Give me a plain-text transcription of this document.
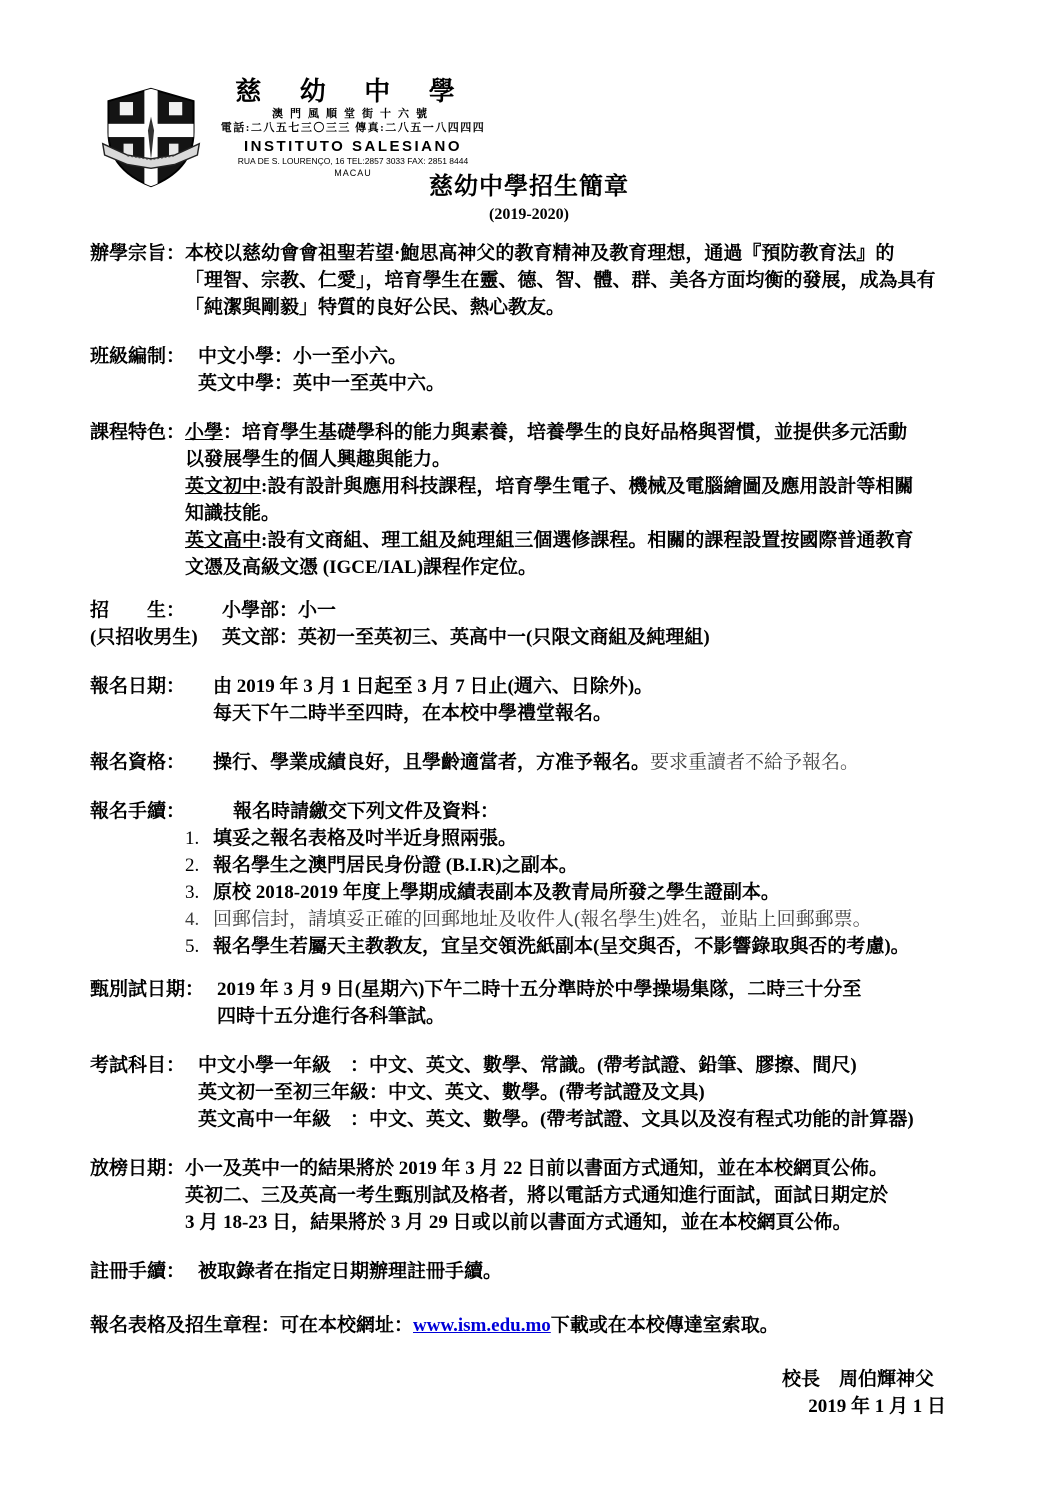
慈 幼 中 學
澳門風順堂街十六號
電話:二八五七三〇三三 傳真:二八五一八四四四
INSTITUTO SALESIANO
RUA DE S. LOURENÇO, 16 TEL:2857 3033 FAX: 2851 8444
MACAU
慈幼中學招生簡章
(2019-2020)
辦學宗旨： 本校以慈幼會會祖聖若望·鮑思高神父的教育精神及教育理想，通過『預防教育法』的
「理智、宗教、仁愛」，培育學生在靈、德、智、體、群、美各方面均衡的發展，成為具有
「純潔與剛毅」特質的良好公民、熱心教友。
班級編制： 中文小學：小一至小六。
英文中學：英中一至英中六。
課程特色： 小學：培育學生基礎學科的能力與素養，培養學生的良好品格與習慣，並提供多元活動
以發展學生的個人興趣與能力。
英文初中:設有設計與應用科技課程，培育學生電子、機械及電腦繪圖及應用設計等相關
知識技能。
英文高中:設有文商組、理工組及純理組三個選修課程。相關的課程設置按國際普通教育
文憑及高級文憑 (IGCE/IAL)課程作定位。
招　　生：	小學部：小一
(只招收男生)	英文部：英初一至英初三、英高中一(只限文商組及純理組)
報名日期： 由 2019 年 3 月 1 日起至 3 月 7 日止(週六、日除外)。
每天下午二時半至四時，在本校中學禮堂報名。
報名資格： 操行、學業成績良好，且學齡適當者，方准予報名。要求重讀者不給予報名。
報名手續：	報名時請繳交下列文件及資料：
1. 填妥之報名表格及吋半近身照兩張。
2. 報名學生之澳門居民身份證 (B.I.R)之副本。
3. 原校 2018-2019 年度上學期成績表副本及教青局所發之學生證副本。
4. 回郵信封，請填妥正確的回郵地址及收件人(報名學生)姓名，並貼上回郵郵票。
5. 報名學生若屬天主教教友，宜呈交領洗紙副本(呈交與否，不影響錄取與否的考慮)。
甄別試日期： 2019 年 3 月 9 日(星期六)下午二時十五分準時於中學操場集隊，二時三十分至
四時十五分進行各科筆試。
考試科目： 中文小學一年級　：中文、英文、數學、常識。(帶考試證、鉛筆、膠擦、間尺)
英文初一至初三年級：中文、英文、數學。(帶考試證及文具)
英文高中一年級　：中文、英文、數學。(帶考試證、文具以及沒有程式功能的計算器)
放榜日期： 小一及英中一的結果將於 2019 年 3 月 22 日前以書面方式通知，並在本校網頁公佈。
英初二、三及英高一考生甄別試及格者，將以電話方式通知進行面試，面試日期定於
3 月 18-23 日，結果將於 3 月 29 日或以前以書面方式通知，並在本校網頁公佈。
註冊手續： 被取錄者在指定日期辦理註冊手續。
報名表格及招生章程：可在本校網址：www.ism.edu.mo下載或在本校傳達室索取。
校長　周伯輝神父
2019 年 1 月 1 日
